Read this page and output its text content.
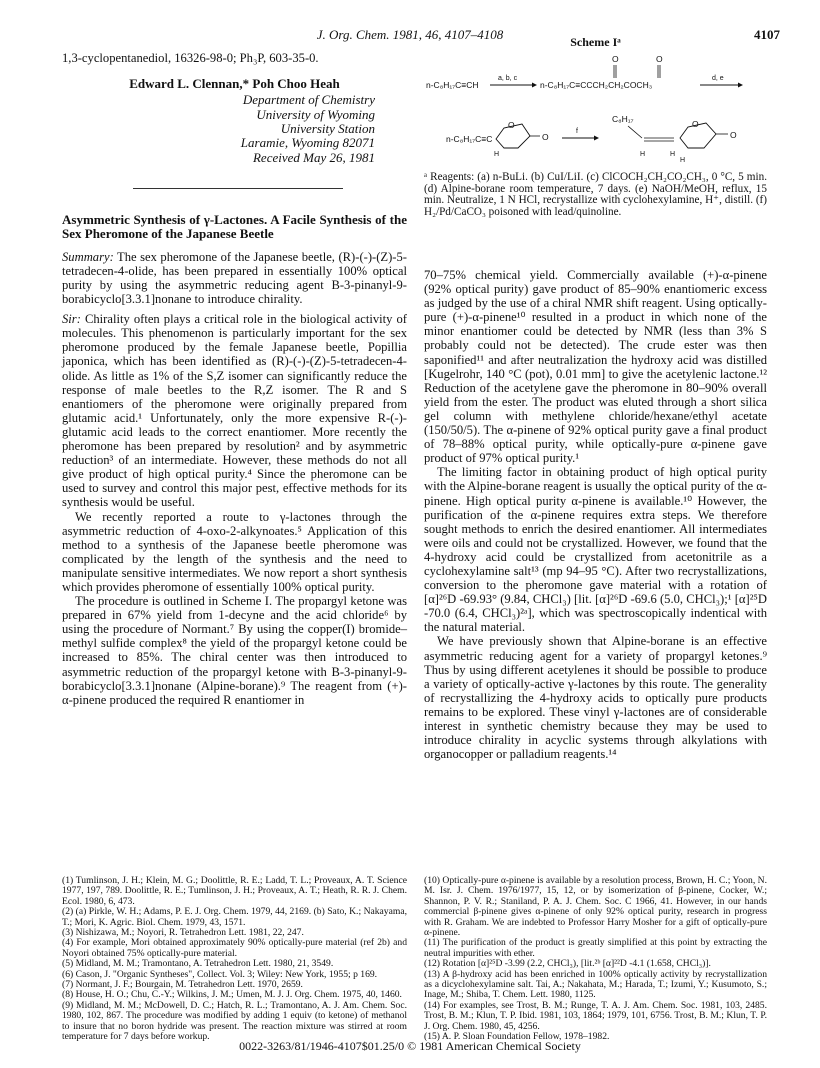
J. Org. Chem. 1981, 46, 4107–4108	4107

1,3-cyclopentanediol, 16326-98-0; Ph₃P, 603-35-0.

Edward L. Clennan,* Poh Choo Heah
Department of Chemistry
University of Wyoming
University Station
Laramie, Wyoming 82071
Received May 26, 1981
Asymmetric Synthesis of γ-Lactones. A Facile Synthesis of the Sex Pheromone of the Japanese Beetle

Summary: The sex pheromone of the Japanese beetle, (R)-(-)-(Z)-5-tetradecen-4-olide, has been prepared in essentially 100% optical purity by using the asymmetric reducing agent B-3-pinanyl-9-borabicyclo[3.3.1]nonane to introduce chirality.

Sir: Chirality often plays a critical role in the biological activity of molecules. This phenomenon is particularly important for the sex pheromone produced by the female Japanese beetle, Popillia japonica, which has been identified as (R)-(-)-(Z)-5-tetradecen-4-olide. As little as 1% of the S,Z isomer can significantly reduce the response of male beetles to the R,Z isomer. The R and S enantiomers of the pheromone were originally prepared from glutamic acid.¹ Unfortunately, only the more expensive R-(-)-glutamic acid leads to the correct enantiomer. More recently the pheromone has been prepared by resolution² and by asymmetric reduction³ of an intermediate. However, these methods do not all give product of high optical purity.⁴ Since the pheromone can be used to survey and control this major pest, effective methods for its synthesis would be useful.

We recently reported a route to γ-lactones through the asymmetric reduction of 4-oxo-2-alkynoates.⁵ Application of this method to a synthesis of the Japanese beetle pheromone was complicated by the length of the synthesis and the need to manipulate sensitive intermediates. We now report a short synthesis which provides pheromone of essentially 100% optical purity.

The procedure is outlined in Scheme I. The propargyl ketone was prepared in 67% yield from 1-decyne and the acid chloride⁶ by using the procedure of Normant.⁷ By using the copper(I) bromide–methyl sulfide complex⁸ the yield of the propargyl ketone could be increased to 85%. The chiral center was then introduced to asymmetric reduction of the propargyl ketone with B-3-pinanyl-9-borabicyclo[3.3.1]nonane (Alpine-borane).⁹ The reagent from (+)-α-pinene produced the required R enantiomer in

Scheme Iᵃ
n-C₈H₁₇C≡CH
a, b, c
n-C₈H₁₇C≡CCCH₂CH₂COCH₃
O	O
d, e
n-C₈H₁₇C≡C
O
O
H
f
C₈H₁₇
H	H
O
O
H
ᵃ Reagents: (a) n-BuLi. (b) CuI/LiI. (c) ClCOCH₂CH₂CO₂CH₃, 0 °C, 5 min. (d) Alpine-borane room temperature, 7 days. (e) NaOH/MeOH, reflux, 15 min. Neutralize, 1 N HCl, recrystallize with cyclohexylamine, H⁺, distill. (f) H₂/Pd/CaCO₃ poisoned with lead/quinoline.

70–75% chemical yield. Commercially available (+)-α-pinene (92% optical purity) gave product of 85–90% enantiomeric excess as judged by the use of a chiral NMR shift reagent. Using optically-pure (+)-α-pinene¹⁰ resulted in a product in which none of the minor enantiomer could be detected by NMR (less than 3% S probably could not be detected). The crude ester was then saponified¹¹ and after neutralization the hydroxy acid was distilled [Kugelrohr, 140 °C (pot), 0.01 mm] to give the acetylenic lactone.¹² Reduction of the acetylene gave the pheromone in 80–90% overall yield from the ester. The product was eluted through a short silica gel column with methylene chloride/hexane/ethyl acetate (150/50/5). The α-pinene of 92% optical purity gave a final product of 78–88% optical purity, while optically-pure α-pinene gave product of 97% optical purity.¹

The limiting factor in obtaining product of high optical purity with the Alpine-borane reagent is usually the optical purity of the α-pinene. High optical purity α-pinene is available.¹⁰ However, the purification of the α-pinene requires extra steps. We therefore sought methods to enrich the desired enantiomer. All intermediates were oils and could not be crystallized. However, we found that the 4-hydroxy acid could be crystallized from acetonitrile as a cyclohexylamine salt¹³ (mp 94–95 °C). After two recrystallizations, conversion to the pheromone gave material with a rotation of [α]²⁶D -69.93° (9.84, CHCl₃) [lit. [α]²⁶D -69.6 (5.0, CHCl₃);¹ [α]²⁵D -70.0 (6.4, CHCl₃)²ᵃ], which was spectroscopically indentical with the natural material.

We have previously shown that Alpine-borane is an effective asymmetric reducing agent for a variety of propargyl ketones.⁹ Thus by using different acetylenes it should be possible to produce a variety of optically-active γ-lactones by this route. The generality of recrystallizing the 4-hydroxy acids to optically pure products remains to be explored. These vinyl γ-lactones are of considerable interest in synthetic chemistry because they may be used to introduce chirality in acyclic systems through alkylations with organocopper or palladium reagents.¹⁴

(1) Tumlinson, J. H.; Klein, M. G.; Doolittle, R. E.; Ladd, T. L.; Proveaux, A. T. Science 1977, 197, 789. Doolittle, R. E.; Tumlinson, J. H.; Proveaux, A. T.; Heath, R. R. J. Chem. Ecol. 1980, 6, 473.
(2) (a) Pirkle, W. H.; Adams, P. E. J. Org. Chem. 1979, 44, 2169. (b) Sato, K.; Nakayama, T.; Mori, K. Agric. Biol. Chem. 1979, 43, 1571.
(3) Nishizawa, M.; Noyori, R. Tetrahedron Lett. 1981, 22, 247.
(4) For example, Mori obtained approximately 90% optically-pure material (ref 2b) and Noyori obtained 75% optically-pure material.
(5) Midland, M. M.; Tramontano, A. Tetrahedron Lett. 1980, 21, 3549.
(6) Cason, J. "Organic Syntheses", Collect. Vol. 3; Wiley: New York, 1955; p 169.
(7) Normant, J. F.; Bourgain, M. Tetrahedron Lett. 1970, 2659.
(8) House, H. O.; Chu, C.-Y.; Wilkins, J. M.; Umen, M. J. J. Org. Chem. 1975, 40, 1460.
(9) Midland, M. M.; McDowell, D. C.; Hatch, R. L.; Tramontano, A. J. Am. Chem. Soc. 1980, 102, 867. The procedure was modified by adding 1 equiv (to ketone) of methanol to insure that no boron hydride was present. The reaction mixture was stirred at room temperature for 7 days before workup.
(10) Optically-pure α-pinene is available by a resolution process, Brown, H. C.; Yoon, N. M. Isr. J. Chem. 1976/1977, 15, 12, or by isomerization of β-pinene, Cocker, W.; Shannon, P. V. R.; Staniland, P. A. J. Chem. Soc. C 1966, 41. However, in our hands commercial β-pinene gives α-pinene of only 92% optical purity, research in progress with R. Graham. We are indebted to Professor Harry Mosher for a gift of optically-pure α-pinene.
(11) The purification of the product is greatly simplified at this point by extracting the neutral impurities with ether.
(12) Rotation [α]²⁵D -3.99 (2.2, CHCl₃), [lit.²ᵇ [α]²²D -4.1 (1.658, CHCl₃)].
(13) A β-hydroxy acid has been enriched in 100% optically activity by recrystallization as a dicyclohexylamine salt. Tai, A.; Nakahata, M.; Harada, T.; Izumi, Y.; Kusumoto, S.; Inage, M.; Shiba, T. Chem. Lett. 1980, 1125.
(14) For examples, see Trost, B. M.; Runge, T. A. J. Am. Chem. Soc. 1981, 103, 2485. Trost, B. M.; Klun, T. P. Ibid. 1981, 103, 1864; 1979, 101, 6756. Trost, B. M.; Klun, T. P. J. Org. Chem. 1980, 45, 4256.
(15) A. P. Sloan Foundation Fellow, 1978–1982.
0022-3263/81/1946-4107$01.25/0 © 1981 American Chemical Society
